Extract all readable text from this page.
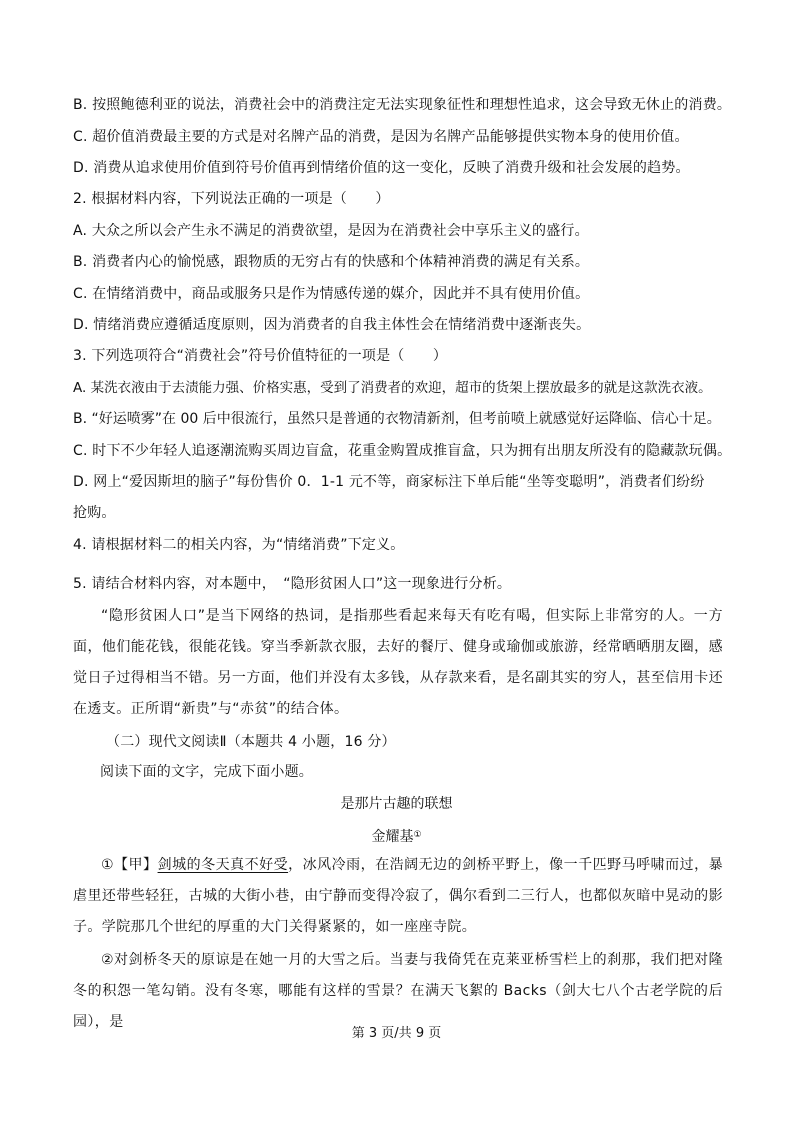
B. 按照鲍德利亚的说法，消费社会中的消费注定无法实现象征性和理想性追求，这会导致无休止的消费。
C. 超价值消费最主要的方式是对名牌产品的消费，是因为名牌产品能够提供实物本身的使用价值。
D. 消费从追求使用价值到符号价值再到情绪价值的这一变化，反映了消费升级和社会发展的趋势。
2. 根据材料内容，下列说法正确的一项是（　　）
A. 大众之所以会产生永不满足的消费欲望，是因为在消费社会中享乐主义的盛行。
B. 消费者内心的愉悦感，跟物质的无穷占有的快感和个体精神消费的满足有关系。
C. 在情绪消费中，商品或服务只是作为情感传递的媒介，因此并不具有使用价值。
D. 情绪消费应遵循适度原则，因为消费者的自我主体性会在情绪消费中逐渐丧失。
3. 下列选项符合“消费社会”符号价值特征的一项是（　　）
A. 某洗衣液由于去渍能力强、价格实惠，受到了消费者的欢迎，超市的货架上摆放最多的就是这款洗衣液。
B. “好运喷雾”在 00 后中很流行，虽然只是普通的衣物清新剂，但考前喷上就感觉好运降临、信心十足。
C. 时下不少年轻人追逐潮流购买周边盲盒，花重金购置成推盲盒，只为拥有出朋友所没有的隐藏款玩偶。
D. 网上“爱因斯坦的脑子”每份售价 0．1-1 元不等，商家标注下单后能“坐等变聪明”，消费者们纷纷
抢购。
4. 请根据材料二的相关内容，为“情绪消费”下定义。
5. 请结合材料内容，对本题中，　“隐形贫困人口”这一现象进行分析。
“隐形贫困人口”是当下网络的热词，是指那些看起来每天有吃有喝，但实际上非常穷的人。一方面，他们能花钱，很能花钱。穿当季新款衣服，去好的餐厅、健身或瑜伽或旅游，经常晒晒朋友圈，感觉日子过得相当不错。另一方面，他们并没有太多钱，从存款来看，是名副其实的穷人，甚至信用卡还在透支。正所谓“新贵”与“赤贫”的结合体。
（二）现代文阅读Ⅱ（本题共 4 小题，16 分）
阅读下面的文字，完成下面小题。
是那片古趣的联想
金耀基①
①【甲】剑城的冬天真不好受，冰风冷雨，在浩阔无边的剑桥平野上，像一千匹野马呼啸而过，暴虐里还带些轻狂，古城的大街小巷，由宁静而变得冷寂了，偶尔看到二三行人，也都似灰暗中晃动的影子。学院那几个世纪的厚重的大门关得紧紧的，如一座座寺院。
②对剑桥冬天的原谅是在她一月的大雪之后。当妻与我倚凭在克莱亚桥雪栏上的刹那，我们把对隆冬的积怨一笔勾销。没有冬寒，哪能有这样的雪景？在满天飞絮的 Backs（剑大七八个古老学院的后园），是
第 3 页/共 9 页
